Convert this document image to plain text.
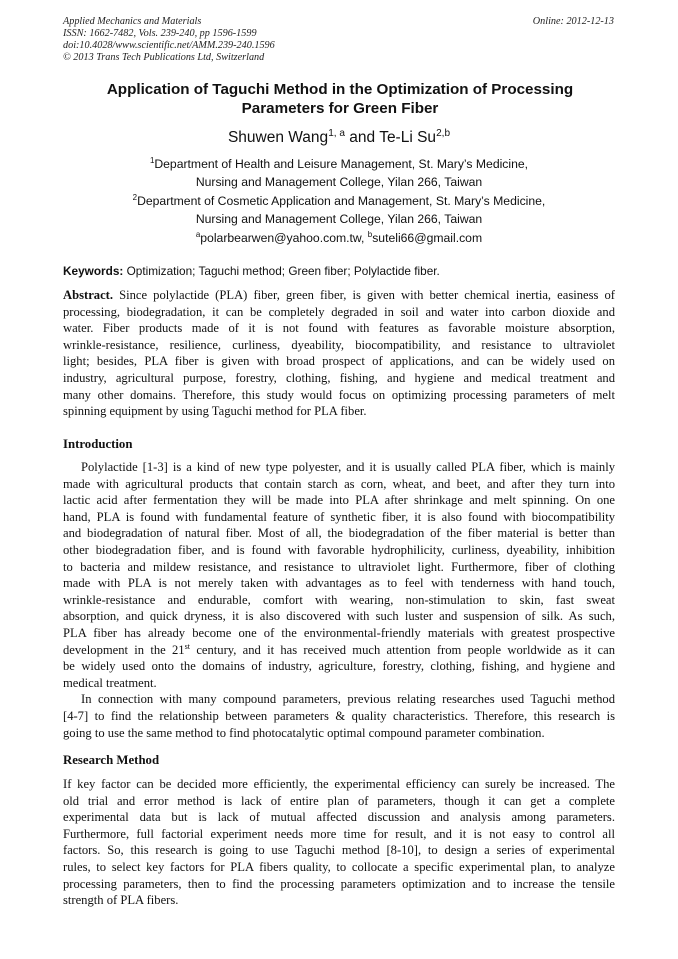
Applied Mechanics and Materials
ISSN: 1662-7482, Vols. 239-240, pp 1596-1599
doi:10.4028/www.scientific.net/AMM.239-240.1596
© 2013 Trans Tech Publications Ltd, Switzerland
Online: 2012-12-13
Application of Taguchi Method in the Optimization of Processing
Parameters for Green Fiber
Shuwen Wang$^{1, a}$ and Te-Li Su$^{2,b}$
$^1$Department of Health and Leisure Management, St. Mary’s Medicine,
Nursing and Management College, Yilan 266, Taiwan
$^2$Department of Cosmetic Application and Management, St. Mary’s Medicine,
Nursing and Management College, Yilan 266, Taiwan
$^a$polarbearwen@yahoo.com.tw, $^b$suteli66@gmail.com
Keywords: Optimization; Taguchi method; Green fiber; Polylactide fiber.
Abstract. Since polylactide (PLA) fiber, green fiber, is given with better chemical inertia, easiness of
processing, biodegradation, it can be completely degraded in soil and water into carbon dioxide and
water. Fiber products made of it is not found with features as favorable moisture absorption,
wrinkle-resistance, resilience, curliness, dyeability, biocompatibility, and resistance to ultraviolet
light; besides, PLA fiber is given with broad prospect of applications, and can be widely used on
industry, agricultural purpose, forestry, clothing, fishing, and hygiene and medical treatment and
many other domains. Therefore, this study would focus on optimizing processing parameters of melt
spinning equipment by using Taguchi method for PLA fiber.
Introduction
Polylactide [1-3] is a kind of new type polyester, and it is usually called PLA fiber, which is mainly
made with agricultural products that contain starch as corn, wheat, and beet, and after they turn into
lactic acid after fermentation they will be made into PLA after shrinkage and melt spinning. On one
hand, PLA is found with fundamental feature of synthetic fiber, it is also found with biocompatibility
and biodegradation of natural fiber. Most of all, the biodegradation of the fiber material is better than
other biodegradation fiber, and is found with favorable hydrophilicity, curliness, dyeability, inhibition
to bacteria and mildew resistance, and resistance to ultraviolet light. Furthermore, fiber of clothing
made with PLA is not merely taken with advantages as to feel with tenderness with hand touch,
wrinkle-resistance and endurable, comfort with wearing, non-stimulation to skin, fast sweat
absorption, and quick dryness, it is also discovered with such luster and suspension of silk. As such,
PLA fiber has already become one of the environmental-friendly materials with greatest prospective
development in the 21st century, and it has received much attention from people worldwide as it can
be widely used onto the domains of industry, agriculture, forestry, clothing, fishing, and hygiene and
medical treatment.
In connection with many compound parameters, previous relating researches used Taguchi method
[4-7] to find the relationship between parameters & quality characteristics. Therefore, this research is
going to use the same method to find photocatalytic optimal compound parameter combination.
Research Method
If key factor can be decided more efficiently, the experimental efficiency can surely be increased. The
old trial and error method is lack of entire plan of parameters, though it can get a complete
experimental data but is lack of mutual affected discussion and analysis among parameters.
Furthermore, full factorial experiment needs more time for result, and it is not easy to control all
factors. So, this research is going to use Taguchi method [8-10], to design a series of experimental
rules, to select key factors for PLA fibers quality, to collocate a specific experimental plan, to analyze
processing parameters, then to find the processing parameters optimization and to increase the tensile
strength of PLA fibers.
